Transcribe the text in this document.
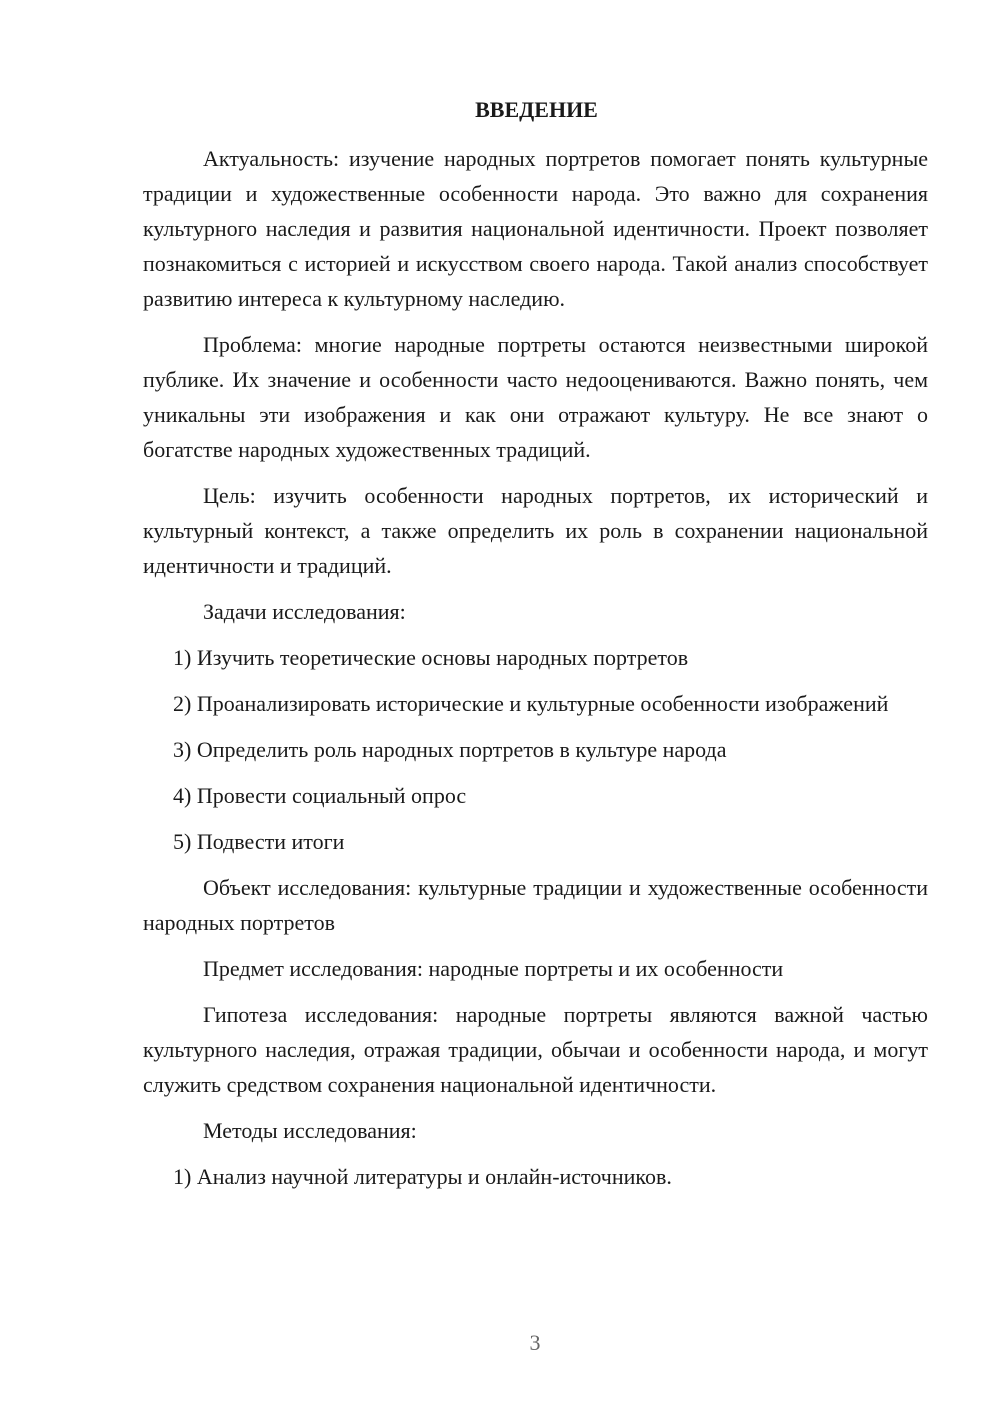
ВВЕДЕНИЕ

Актуальность: изучение народных портретов помогает понять культурные традиции и художественные особенности народа. Это важно для сохранения культурного наследия и развития национальной идентичности. Проект позволяет познакомиться с историей и искусством своего народа. Такой анализ способствует развитию интереса к культурному наследию.

Проблема: многие народные портреты остаются неизвестными широкой публике. Их значение и особенности часто недооцениваются. Важно понять, чем уникальны эти изображения и как они отражают культуру. Не все знают о богатстве народных художественных традиций.

Цель: изучить особенности народных портретов, их исторический и культурный контекст, а также определить их роль в сохранении национальной идентичности и традиций.

Задачи исследования:

1) Изучить теоретические основы народных портретов

2) Проанализировать исторические и культурные особенности изображений

3) Определить роль народных портретов в культуре народа

4) Провести социальный опрос

5) Подвести итоги

Объект исследования: культурные традиции и художественные особенности народных портретов

Предмет исследования: народные портреты и их особенности

Гипотеза исследования: народные портреты являются важной частью культурного наследия, отражая традиции, обычаи и особенности народа, и могут служить средством сохранения национальной идентичности.

Методы исследования:

1) Анализ научной литературы и онлайн-источников.

3
